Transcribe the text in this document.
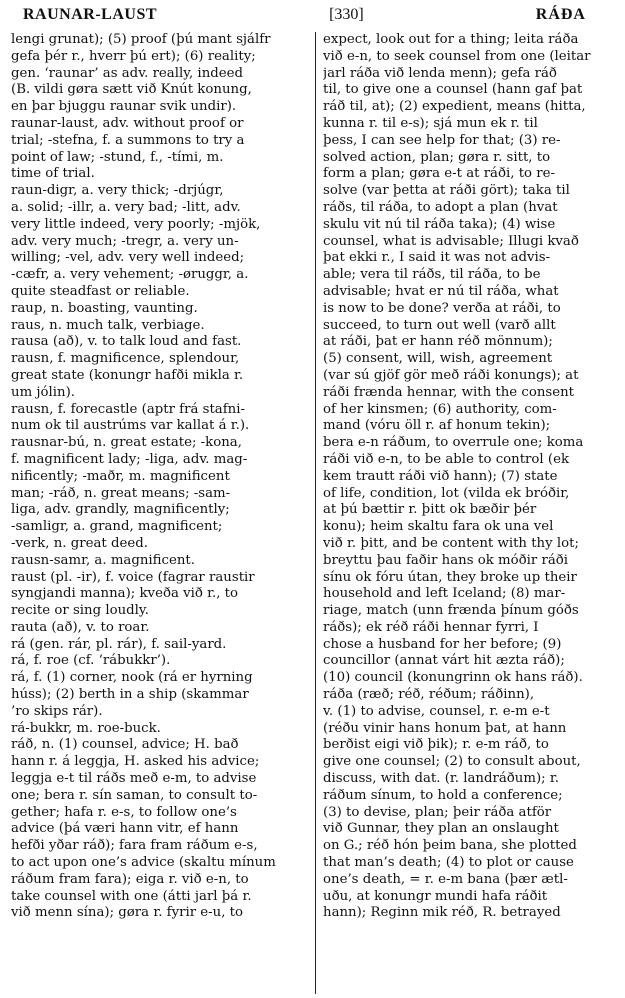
RAUNAR-LAUST	[330]	RÁÐA
lengi grunat); (5) proof (þú mant sjálfr
gefa þér r., hverr þú ert); (6) reality;
gen. ‘raunar’ as adv. really, indeed
(B. vildi gøra sætt við Knút konung,
en þar bjuggu raunar svik undir).
raunar-laust, adv. without proof or
trial; -stefna, f. a summons to try a
point of law; -stund, f., -tími, m.
time of trial.
raun-digr, a. very thick; -drjúgr,
a. solid; -illr, a. very bad; -litt, adv.
very little indeed, very poorly; -mjök,
adv. very much; -tregr, a. very un-
willing; -vel, adv. very well indeed;
-cæfr, a. very vehement; -øruggr, a.
quite steadfast or reliable.
raup, n. boasting, vaunting.
raus, n. much talk, verbiage.
rausa (að), v. to talk loud and fast.
rausn, f. magnificence, splendour,
great state (konungr hafði mikla r.
um jólin).
rausn, f. forecastle (aptr frá stafni-
num ok til austrúms var kallat á r.).
rausnar-bú, n. great estate; -kona,
f. magnificent lady; -liga, adv. mag-
nificently; -maðr, m. magnificent
man; -ráð, n. great means; -sam-
liga, adv. grandly, magnificently;
-samligr, a. grand, magnificent;
-verk, n. great deed.
rausn-samr, a. magnificent.
raust (pl. -ir), f. voice (fagrar raustir
syngjandi manna); kveða við r., to
recite or sing loudly.
rauta (að), v. to roar.
rá (gen. rár, pl. rár), f. sail-yard.
rá, f. roe (cf. ‘rábukkr’).
rá, f. (1) corner, nook (rá er hyrning
húss); (2) berth in a ship (skammar
’ro skips rár).
rá-bukkr, m. roe-buck.
ráð, n. (1) counsel, advice; H. bað
hann r. á leggja, H. asked his advice;
leggja e-t til ráðs með e-m, to advise
one; bera r. sín saman, to consult to-
gether; hafa r. e-s, to follow one’s
advice (þá væri hann vitr, ef hann
hefði yðar ráð); fara fram ráðum e-s,
to act upon one’s advice (skaltu mínum
ráðum fram fara); eiga r. við e-n, to
take counsel with one (átti jarl þá r.
við menn sína); gøra r. fyrir e-u, to
expect, look out for a thing; leita ráða
við e-n, to seek counsel from one (leitar
jarl ráða við lenda menn); gefa ráð
til, to give one a counsel (hann gaf þat
ráð til, at); (2) expedient, means (hitta,
kunna r. til e-s); sjá mun ek r. til
þess, I can see help for that; (3) re-
solved action, plan; gøra r. sitt, to
form a plan; gøra e-t at ráði, to re-
solve (var þetta at ráði gört); taka til
ráðs, til ráða, to adopt a plan (hvat
skulu vit nú til ráða taka); (4) wise
counsel, what is advisable; Illugi kvað
þat ekki r., I said it was not advis-
able; vera til ráðs, til ráða, to be
advisable; hvat er nú til ráða, what
is now to be done? verða at ráði, to
succeed, to turn out well (varð allt
at ráði, þat er hann réð mönnum);
(5) consent, will, wish, agreement
(var sú gjöf gör með ráði konungs); at
ráði frænda hennar, with the consent
of her kinsmen; (6) authority, com-
mand (vóru öll r. af honum tekin);
bera e-n ráðum, to overrule one; koma
ráði við e-n, to be able to control (ek
kem trautt ráði við hann); (7) state
of life, condition, lot (vilda ek bróðir,
at þú bættir r. þitt ok bæðir þér
konu); heim skaltu fara ok una vel
við r. þitt, and be content with thy lot;
breyttu þau faðir hans ok móðir ráði
sínu ok fóru útan, they broke up their
household and left Iceland; (8) mar-
riage, match (unn frænda þínum góðs
ráðs); ek réð ráði hennar fyrri, I
chose a husband for her before; (9)
councillor (annat várt hit æzta ráð);
(10) council (konungrinn ok hans ráð).
ráða (ræð; réð, réðum; ráðinn),
v. (1) to advise, counsel, r. e-m e-t
(réðu vinir hans honum þat, at hann
berðist eigi við þik); r. e-m ráð, to
give one counsel; (2) to consult about,
discuss, with dat. (r. landráðum); r.
ráðum sínum, to hold a conference;
(3) to devise, plan; þeir ráða atför
við Gunnar, they plan an onslaught
on G.; réð hón þeim bana, she plotted
that man’s death; (4) to plot or cause
one’s death, = r. e-m bana (þær ætl-
uðu, at konungr mundi hafa ráðit
hann); Reginn mik réð, R. betrayed
